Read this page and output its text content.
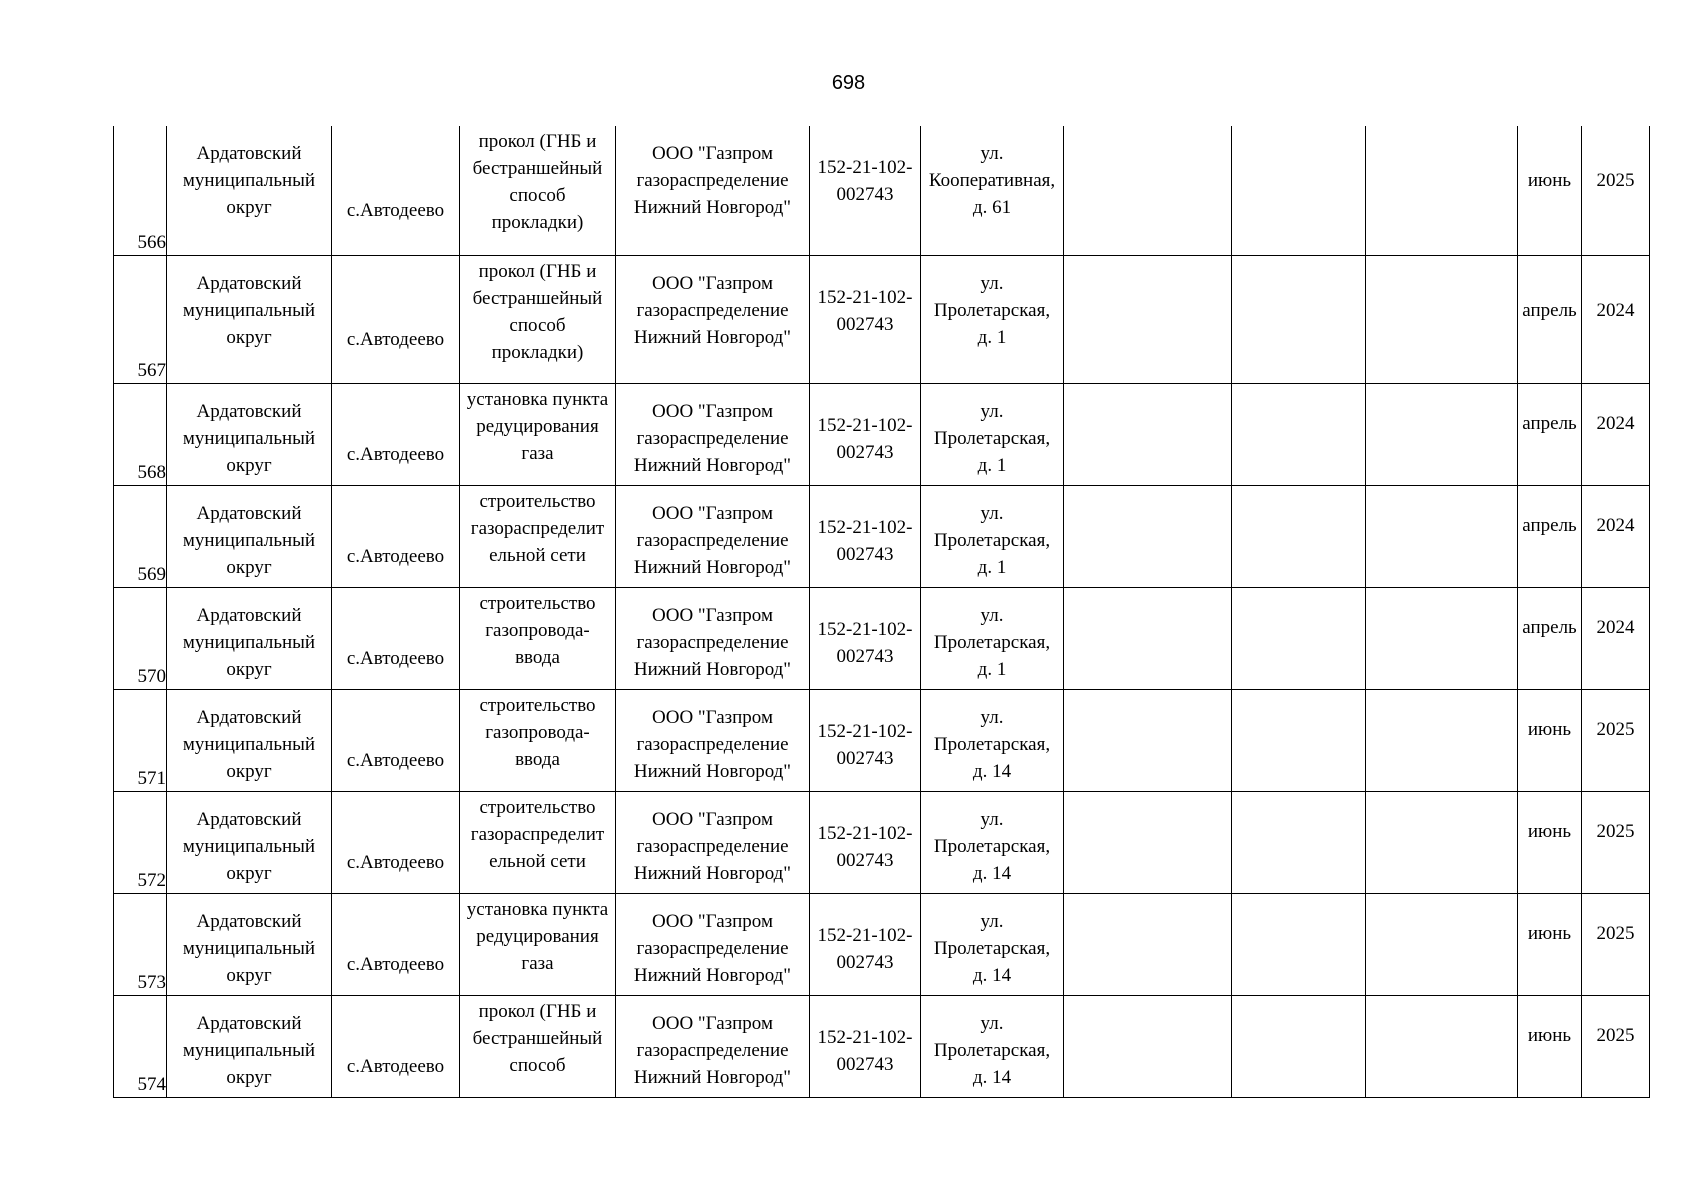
698
566	Ардатовский
муниципальный
округ	с.Автодеево	прокол (ГНБ и
бестраншейный
способ
прокладки)	ООО "Газпром
газораспределение
Нижний Новгород"	152-21-102-
002743	ул.
Кооперативная,
д. 61				июнь	2025

567	Ардатовский
муниципальный
округ	с.Автодеево	прокол (ГНБ и
бестраншейный
способ
прокладки)	ООО "Газпром
газораспределение
Нижний Новгород"	152-21-102-
002743	ул.
Пролетарская,
д. 1				апрель	2024

568	Ардатовский
муниципальный
округ	с.Автодеево	установка пункта
редуцирования
газа	ООО "Газпром
газораспределение
Нижний Новгород"	152-21-102-
002743	ул.
Пролетарская,
д. 1				апрель	2024

569	Ардатовский
муниципальный
округ	с.Автодеево	строительство
газораспределит
ельной сети	ООО "Газпром
газораспределение
Нижний Новгород"	152-21-102-
002743	ул.
Пролетарская,
д. 1				апрель	2024

570	Ардатовский
муниципальный
округ	с.Автодеево	строительство
газопровода-
ввода	ООО "Газпром
газораспределение
Нижний Новгород"	152-21-102-
002743	ул.
Пролетарская,
д. 1				апрель	2024

571	Ардатовский
муниципальный
округ	с.Автодеево	строительство
газопровода-
ввода	ООО "Газпром
газораспределение
Нижний Новгород"	152-21-102-
002743	ул.
Пролетарская,
д. 14				июнь	2025

572	Ардатовский
муниципальный
округ	с.Автодеево	строительство
газораспределит
ельной сети	ООО "Газпром
газораспределение
Нижний Новгород"	152-21-102-
002743	ул.
Пролетарская,
д. 14				июнь	2025

573	Ардатовский
муниципальный
округ	с.Автодеево	установка пункта
редуцирования
газа	ООО "Газпром
газораспределение
Нижний Новгород"	152-21-102-
002743	ул.
Пролетарская,
д. 14				июнь	2025

574	Ардатовский
муниципальный
округ	с.Автодеево	прокол (ГНБ и
бестраншейный
способ	ООО "Газпром
газораспределение
Нижний Новгород"	152-21-102-
002743	ул.
Пролетарская,
д. 14				июнь	2025
